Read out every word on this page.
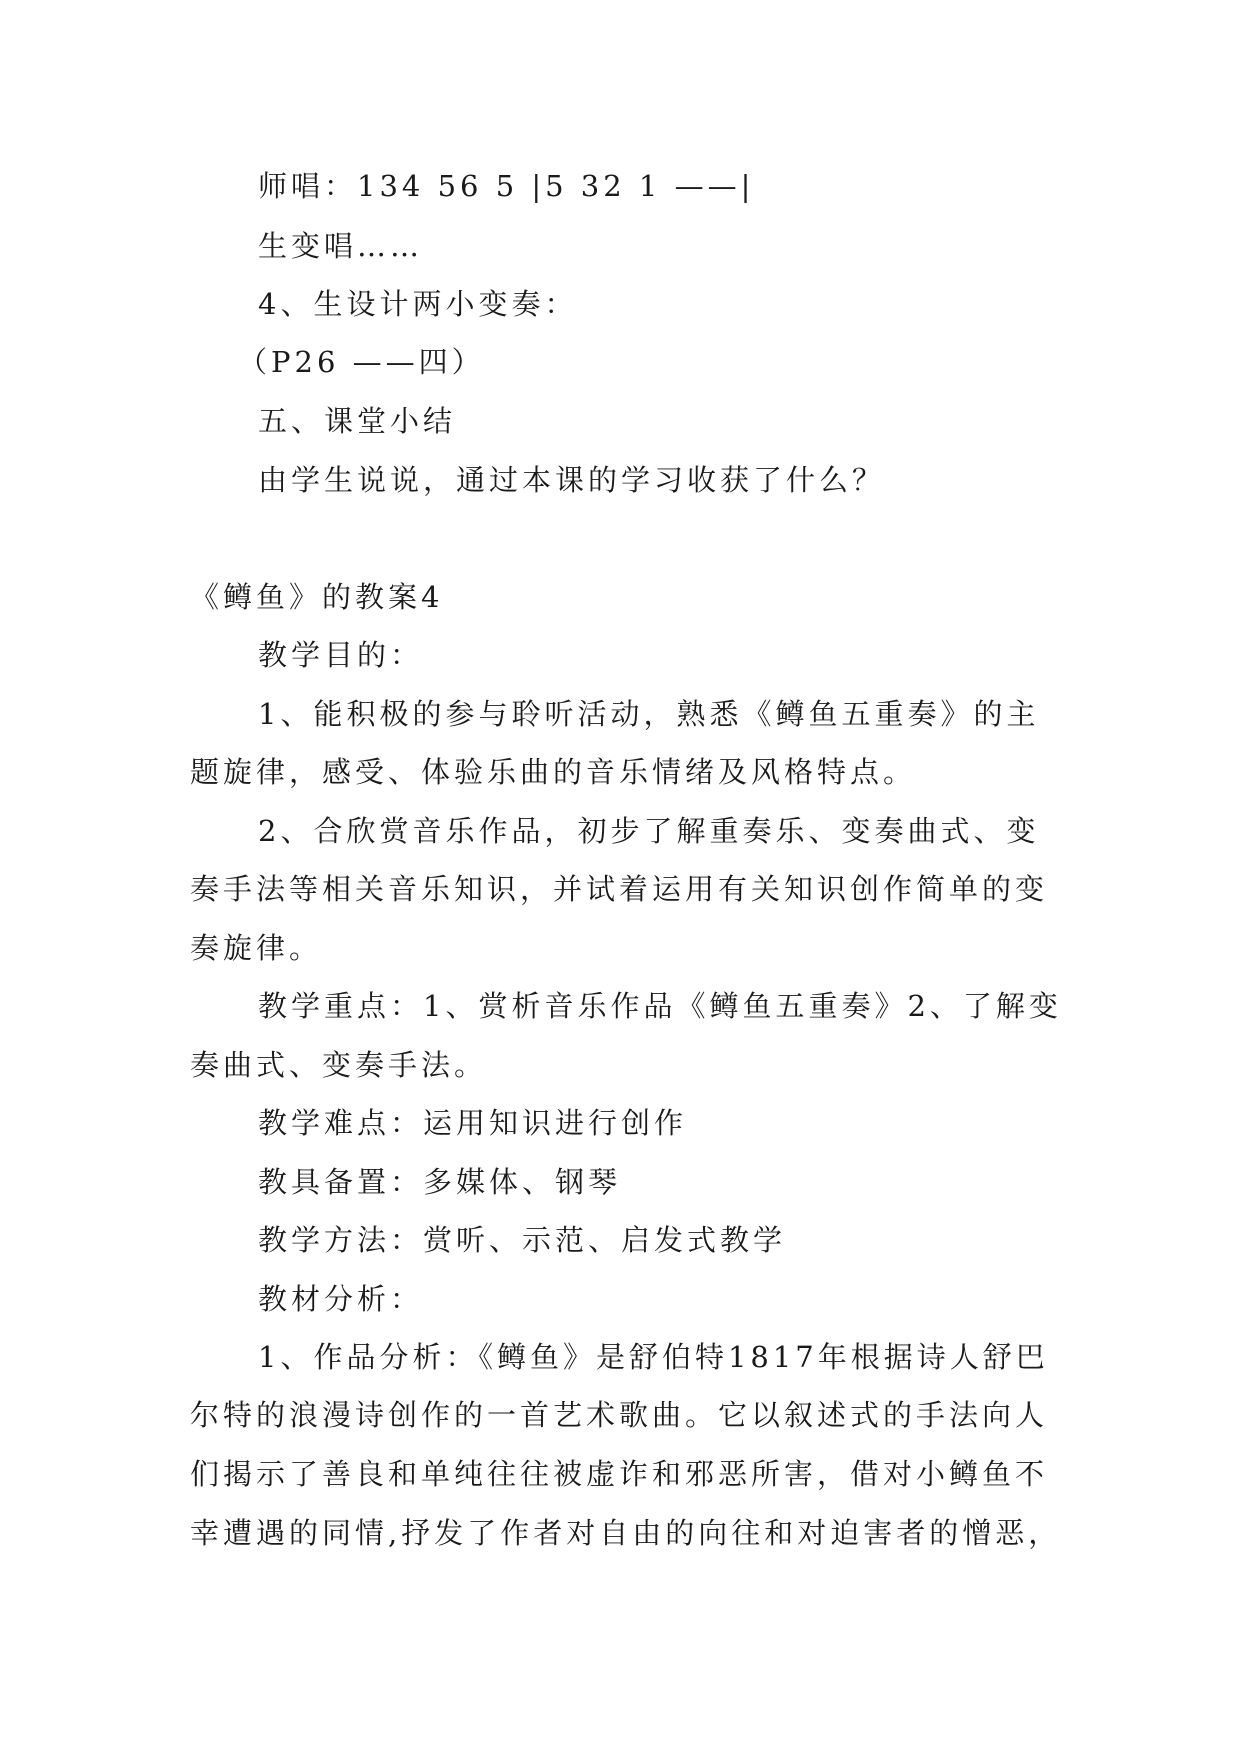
师唱：134 56 5 |5 32 1 ——|
生变唱……
4、生设计两小变奏：
（P26 ——四）
五、课堂小结
由学生说说，通过本课的学习收获了什么？
《鳟鱼》的教案4
教学目的：
1、能积极的参与聆听活动，熟悉《鳟鱼五重奏》的主
题旋律，感受、体验乐曲的音乐情绪及风格特点。
2、合欣赏音乐作品，初步了解重奏乐、变奏曲式、变
奏手法等相关音乐知识，并试着运用有关知识创作简单的变
奏旋律。
教学重点：1、赏析音乐作品《鳟鱼五重奏》2、了解变
奏曲式、变奏手法。
教学难点：运用知识进行创作
教具备置：多媒体、钢琴
教学方法：赏听、示范、启发式教学
教材分析：
1、作品分析：《鳟鱼》是舒伯特1817年根据诗人舒巴
尔特的浪漫诗创作的一首艺术歌曲。它以叙述式的手法向人
们揭示了善良和单纯往往被虚诈和邪恶所害，借对小鳟鱼不
幸遭遇的同情,抒发了作者对自由的向往和对迫害者的憎恶，
